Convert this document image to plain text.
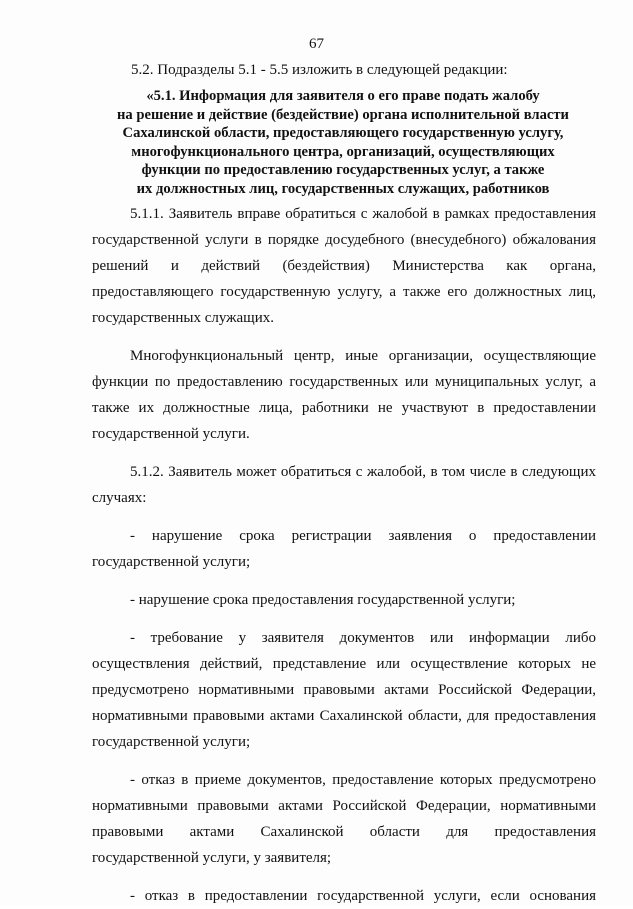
67
5.2. Подразделы 5.1 - 5.5 изложить в следующей редакции:
«5.1. Информация для заявителя о его праве подать жалобу
на решение и действие (бездействие) органа исполнительной власти
Сахалинской области, предоставляющего государственную услугу,
многофункционального центра, организаций, осуществляющих
функции по предоставлению государственных услуг, а также
их должностных лиц, государственных служащих, работников
5.1.1. Заявитель вправе обратиться с жалобой в рамках предоставления
государственной услуги в порядке досудебного (внесудебного) обжалования
решений и действий (бездействия) Министерства как органа,
предоставляющего государственную услугу, а также его должностных лиц,
государственных служащих.
Многофункциональный центр, иные организации, осуществляющие
функции по предоставлению государственных или муниципальных услуг, а
также их должностные лица, работники не участвуют в предоставлении
государственной услуги.
5.1.2. Заявитель может обратиться с жалобой, в том числе в следующих
случаях:
- нарушение срока регистрации заявления о предоставлении
государственной услуги;
- нарушение срока предоставления государственной услуги;
- требование у заявителя документов или информации либо
осуществления действий, представление или осуществление которых не
предусмотрено нормативными правовыми актами Российской Федерации,
нормативными правовыми актами Сахалинской области, для предоставления
государственной услуги;
- отказ в приеме документов, предоставление которых предусмотрено
нормативными правовыми актами Российской Федерации, нормативными
правовыми актами Сахалинской области для предоставления
государственной услуги, у заявителя;
- отказ в предоставлении государственной услуги, если основания
